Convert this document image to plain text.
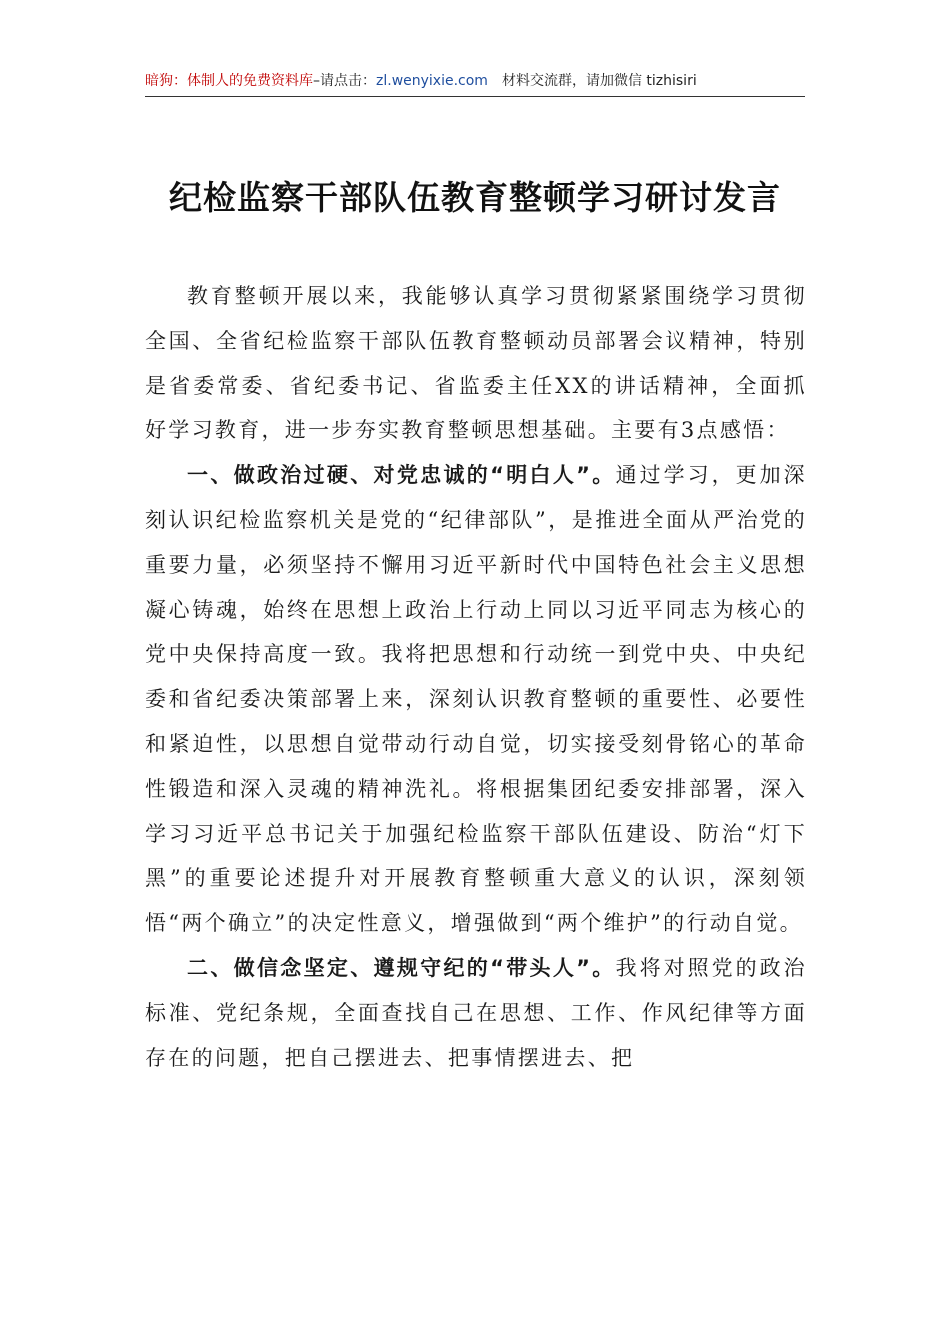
暗狗：体制人的免费资料库–请点击：zl.wenyixie.com 材料交流群，请加微信 tizhisiri
纪检监察干部队伍教育整顿学习研讨发言

教育整顿开展以来，我能够认真学习贯彻紧紧围绕学习贯彻全国、全省纪检监察干部队伍教育整顿动员部署会议精神，特别是省委常委、省纪委书记、省监委主任XX的讲话精神，全面抓好学习教育，进一步夯实教育整顿思想基础。主要有3点感悟：

一、做政治过硬、对党忠诚的“明白人”。通过学习，更加深刻认识纪检监察机关是党的“纪律部队”，是推进全面从严治党的重要力量，必须坚持不懈用习近平新时代中国特色社会主义思想凝心铸魂，始终在思想上政治上行动上同以习近平同志为核心的党中央保持高度一致。我将把思想和行动统一到党中央、中央纪委和省纪委决策部署上来，深刻认识教育整顿的重要性、必要性和紧迫性，以思想自觉带动行动自觉，切实接受刻骨铭心的革命性锻造和深入灵魂的精神洗礼。将根据集团纪委安排部署，深入学习习近平总书记关于加强纪检监察干部队伍建设、防治“灯下黑”的重要论述提升对开展教育整顿重大意义的认识，深刻领悟“两个确立”的决定性意义，增强做到“两个维护”的行动自觉。

二、做信念坚定、遵规守纪的“带头人”。我将对照党的政治标准、党纪条规，全面查找自己在思想、工作、作风纪律等方面存在的问题，把自己摆进去、把事情摆进去、把
